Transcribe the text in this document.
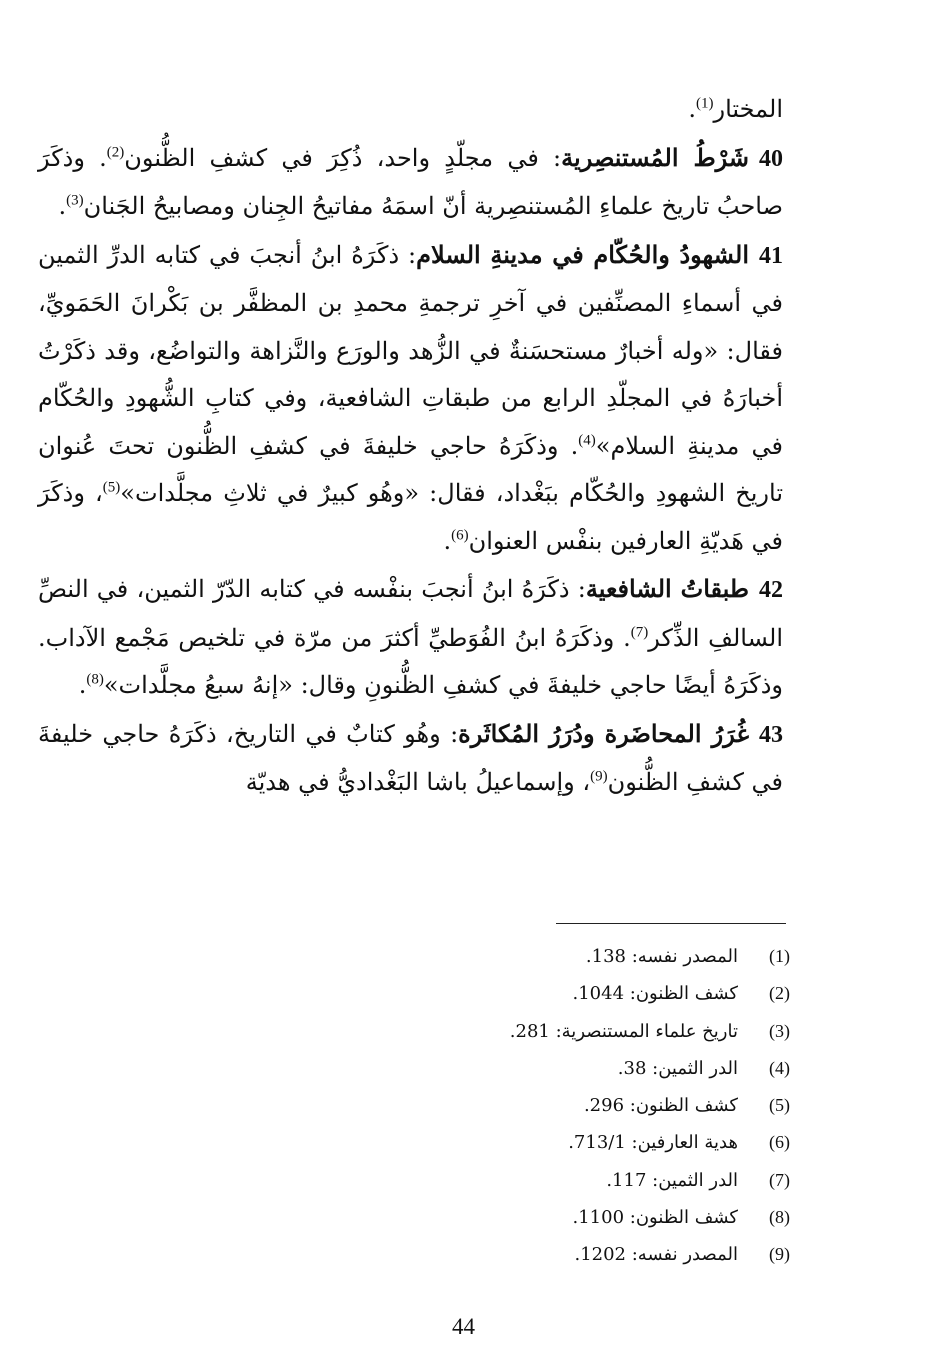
المختار$^{(1)}$.

40شَرْطُ المُستنصِرية: في مجلّدٍ واحد، ذُكِرَ في كشفِ الظُّنون$^{(2)}$. وذكَرَ صاحبُ تاريخ علماءِ المُستنصِرية أنّ اسمَهُ مفاتيحُ الجِنان ومصابيحُ الجَنان$^{(3)}$.

41الشهودُ والحُكّام في مدينةِ السلام: ذكَرَهُ ابنُ أنجبَ في كتابه الدرِّ الثمين في أسماءِ المصنِّفين في آخرِ ترجمةِ محمدِ بن المظفَّر بن بَكْرانَ الحَمَويِّ، فقال: «وله أخبارٌ مستحسَنةٌ في الزُّهد والورَع والنَّزاهة والتواضُع، وقد ذكَرْتُ أخبارَهُ في المجلّدِ الرابع من طبقاتِ الشافعية، وفي كتابِ الشُّهودِ والحُكّام في مدينةِ السلام»$^{(4)}$. وذكَرَهُ حاجي خليفةَ في كشفِ الظُّنون تحتَ عُنوان تاريخ الشهودِ والحُكّام ببَغْداد، فقال: «وهُو كبيرٌ في ثلاثِ مجلَّدات»$^{(5)}$، وذكَرَ في هَديّةِ العارفين بنفْس العنوان$^{(6)}$.

42طبقاتُ الشافعية: ذكَرَهُ ابنُ أنجبَ بنفْسه في كتابه الدّرّ الثمين، في النصِّ السالفِ الذِّكر$^{(7)}$. وذكَرَهُ ابنُ الفُوَطيِّ أكثرَ من مرّة في تلخيص مَجْمع الآداب. وذكَرَهُ أيضًا حاجي خليفةَ في كشفِ الظُّنونِ وقال: «إنهُ سبعُ مجلَّدات»$^{(8)}$.

43غُرَرُ المحاضَرة ودُرَرُ المُكاثَرة: وهُو كتابٌ في التاريخ، ذكَرَهُ حاجي خليفةَ في كشفِ الظُّنون$^{(9)}$، وإسماعيلُ باشا البَغْداديُّ في هديّة

(1)المصدر نفسه: 138.
(2)كشف الظنون: 1044.
(3)تاريخ علماء المستنصرية: 281.
(4)الدر الثمين: 38.
(5)كشف الظنون: 296.
(6)هدية العارفين: 713/1.
(7)الدر الثمين: 117.
(8)كشف الظنون: 1100.
(9)المصدر نفسه: 1202.
44
